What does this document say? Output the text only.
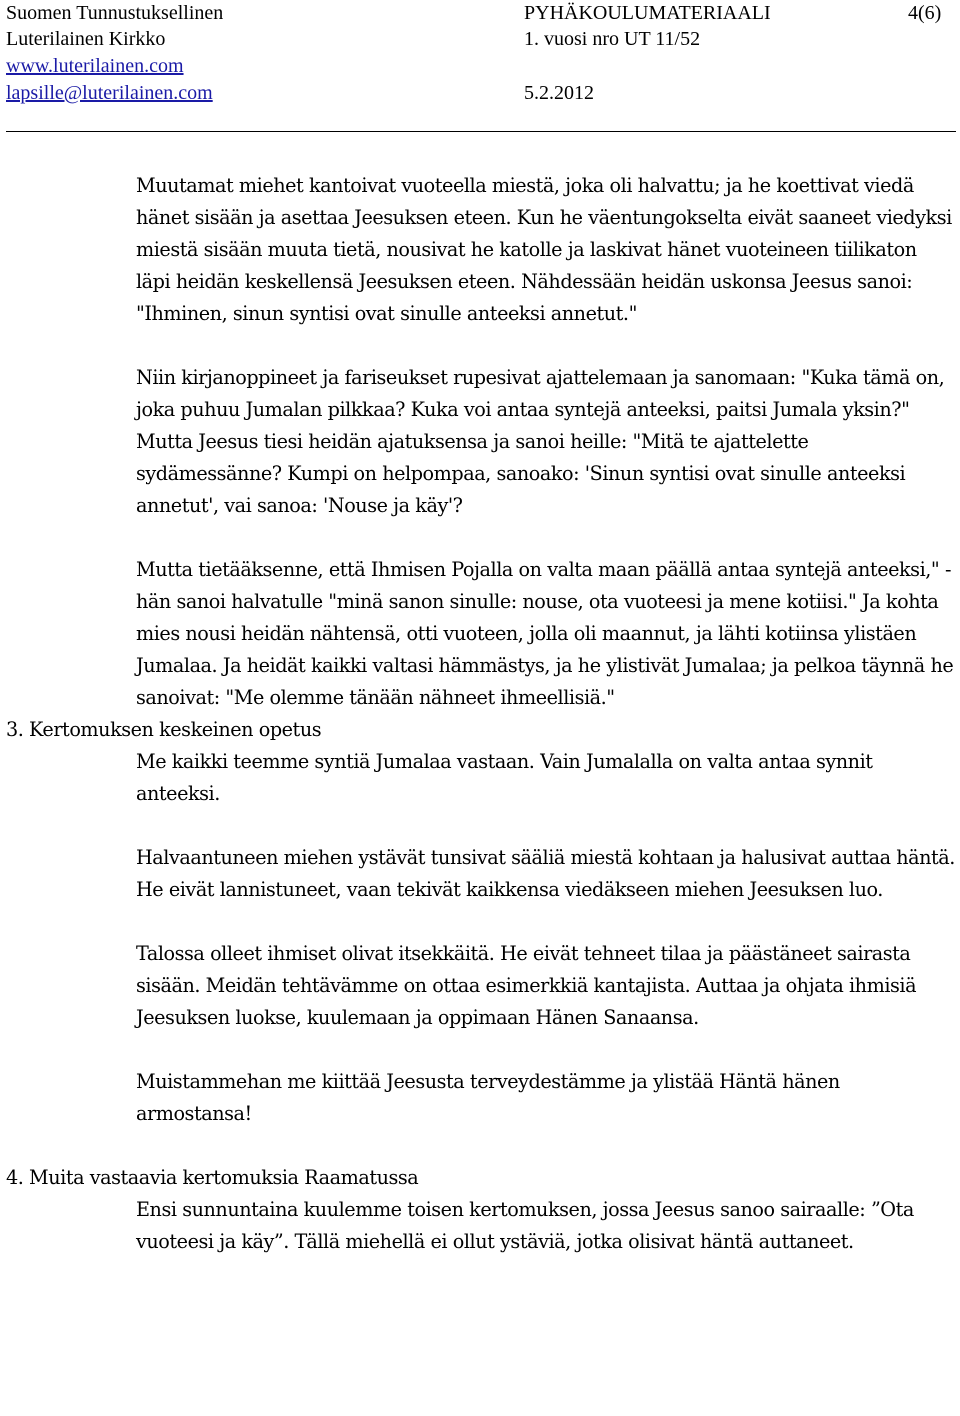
Suomen Tunnustuksellinen	PYHÄKOULUMATERIAALI	4(6)
Luterilainen Kirkko	1. vuosi nro UT 11/52
www.luterilainen.com
lapsille@luterilainen.com	5.2.2012

Muutamat miehet kantoivat vuoteella miestä, joka oli halvattu; ja he koettivat viedä hänet sisään ja asettaa Jeesuksen eteen. Kun he väentungokselta eivät saaneet viedyksi miestä sisään muuta tietä, nousivat he katolle ja laskivat hänet vuoteineen tiilikaton läpi heidän keskellensä Jeesuksen eteen. Nähdessään heidän uskonsa Jeesus sanoi: "Ihminen, sinun syntisi ovat sinulle anteeksi annetut."

Niin kirjanoppineet ja fariseukset rupesivat ajattelemaan ja sanomaan: "Kuka tämä on, joka puhuu Jumalan pilkkaa? Kuka voi antaa syntejä anteeksi, paitsi Jumala yksin?" Mutta Jeesus tiesi heidän ajatuksensa ja sanoi heille: "Mitä te ajattelette sydämessänne? Kumpi on helpompaa, sanoako: 'Sinun syntisi ovat sinulle anteeksi annetut', vai sanoa: 'Nouse ja käy'?

Mutta tietääksenne, että Ihmisen Pojalla on valta maan päällä antaa syntejä anteeksi," - hän sanoi halvatulle "minä sanon sinulle: nouse, ota vuoteesi ja mene kotiisi." Ja kohta mies nousi heidän nähtensä, otti vuoteen, jolla oli maannut, ja lähti kotiinsa ylistäen Jumalaa. Ja heidät kaikki valtasi hämmästys, ja he ylistivät Jumalaa; ja pelkoa täynnä he sanoivat: "Me olemme tänään nähneet ihmeellisiä."

3. Kertomuksen keskeinen opetus

Me kaikki teemme syntiä Jumalaa vastaan. Vain Jumalalla on valta antaa synnit anteeksi.

Halvaantuneen miehen ystävät tunsivat sääliä miestä kohtaan ja halusivat auttaa häntä. He eivät lannistuneet, vaan tekivät kaikkensa viedäkseen miehen Jeesuksen luo.

Talossa olleet ihmiset olivat itsekkäitä. He eivät tehneet tilaa ja päästäneet sairasta sisään. Meidän tehtävämme on ottaa esimerkkiä kantajista. Auttaa ja ohjata ihmisiä Jeesuksen luokse, kuulemaan ja oppimaan Hänen Sanaansa.

Muistammehan me kiittää Jeesusta terveydestämme ja ylistää Häntä hänen armostansa!

4. Muita vastaavia kertomuksia Raamatussa

Ensi sunnuntaina kuulemme toisen kertomuksen, jossa Jeesus sanoo sairaalle: ”Ota vuoteesi ja käy”. Tällä miehellä ei ollut ystäviä, jotka olisivat häntä auttaneet.
